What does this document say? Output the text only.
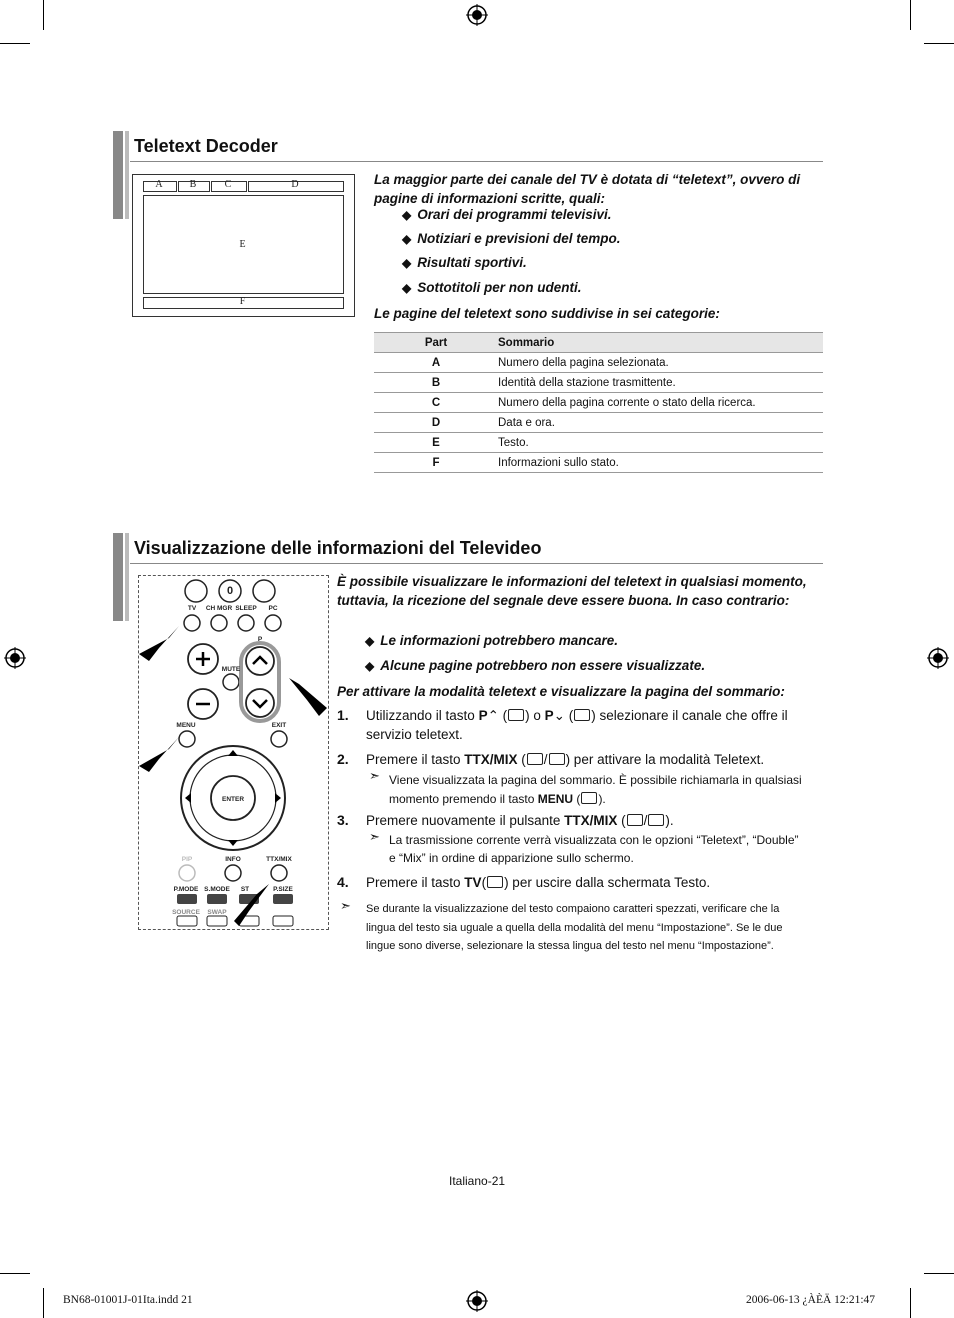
Teletext Decoder
A	B	C	D
E
F
La maggior parte dei canale del TV è dotata di “teletext”, ovvero di pagine di informazioni scritte, quali:
◆ Orari dei programmi televisivi.
◆ Notiziari e previsioni del tempo.
◆ Risultati sportivi.
◆ Sottotitoli per non udenti.
Le pagine del teletext sono suddivise in sei categorie:
Part	Sommario
A	Numero della pagina selezionata.
B	Identità della stazione trasmittente.
C	Numero della pagina corrente o stato della ricerca.
D	Data e ora.
E	Testo.
F	Informazioni sullo stato.
Visualizzazione delle informazioni del Televideo
0
TV	CH MGR SLEEP	PC
P
MUTE
MENU	EXIT
ENTER
PIP	INFO	TTX/MIX
P.MODE S.MODE	ST	P.SIZE
SOURCE	SWAP
È possibile visualizzare le informazioni del teletext in qualsiasi momento, tuttavia, la ricezione del segnale deve essere buona. In caso contrario:
◆ Le informazioni potrebbero mancare.
◆ Alcune pagine potrebbero non essere visualizzate.
Per attivare la modalità teletext e visualizzare la pagina del sommario:
1. Utilizzando il tasto P⌃ ( ) o P⌄ ( ) selezionare il canale che offre il
servizio teletext.
2. Premere il tasto TTX/MIX ( / ) per attivare la modalità Teletext.
➣ Viene visualizzata la pagina del sommario. È possibile richiamarla in qualsiasi
momento premendo il tasto MENU ( ).
3. Premere nuovamente il pulsante TTX/MIX ( / ).
➣ La trasmissione corrente verrà visualizzata con le opzioni “Teletext”, “Double”
e “Mix” in ordine di apparizione sullo schermo.
4. Premere il tasto TV( ) per uscire dalla schermata Testo.
➣ Se durante la visualizzazione del testo compaiono caratteri spezzati, verificare che la
lingua del testo sia uguale a quella della modalità del menu “Impostazione”. Se le due
lingue sono diverse, selezionare la stessa lingua del testo nel menu “Impostazione”.
Italiano-21
BN68-01001J-01Ita.indd 21	2006-06-13 ¿ÀÈÄ 12:21:47
